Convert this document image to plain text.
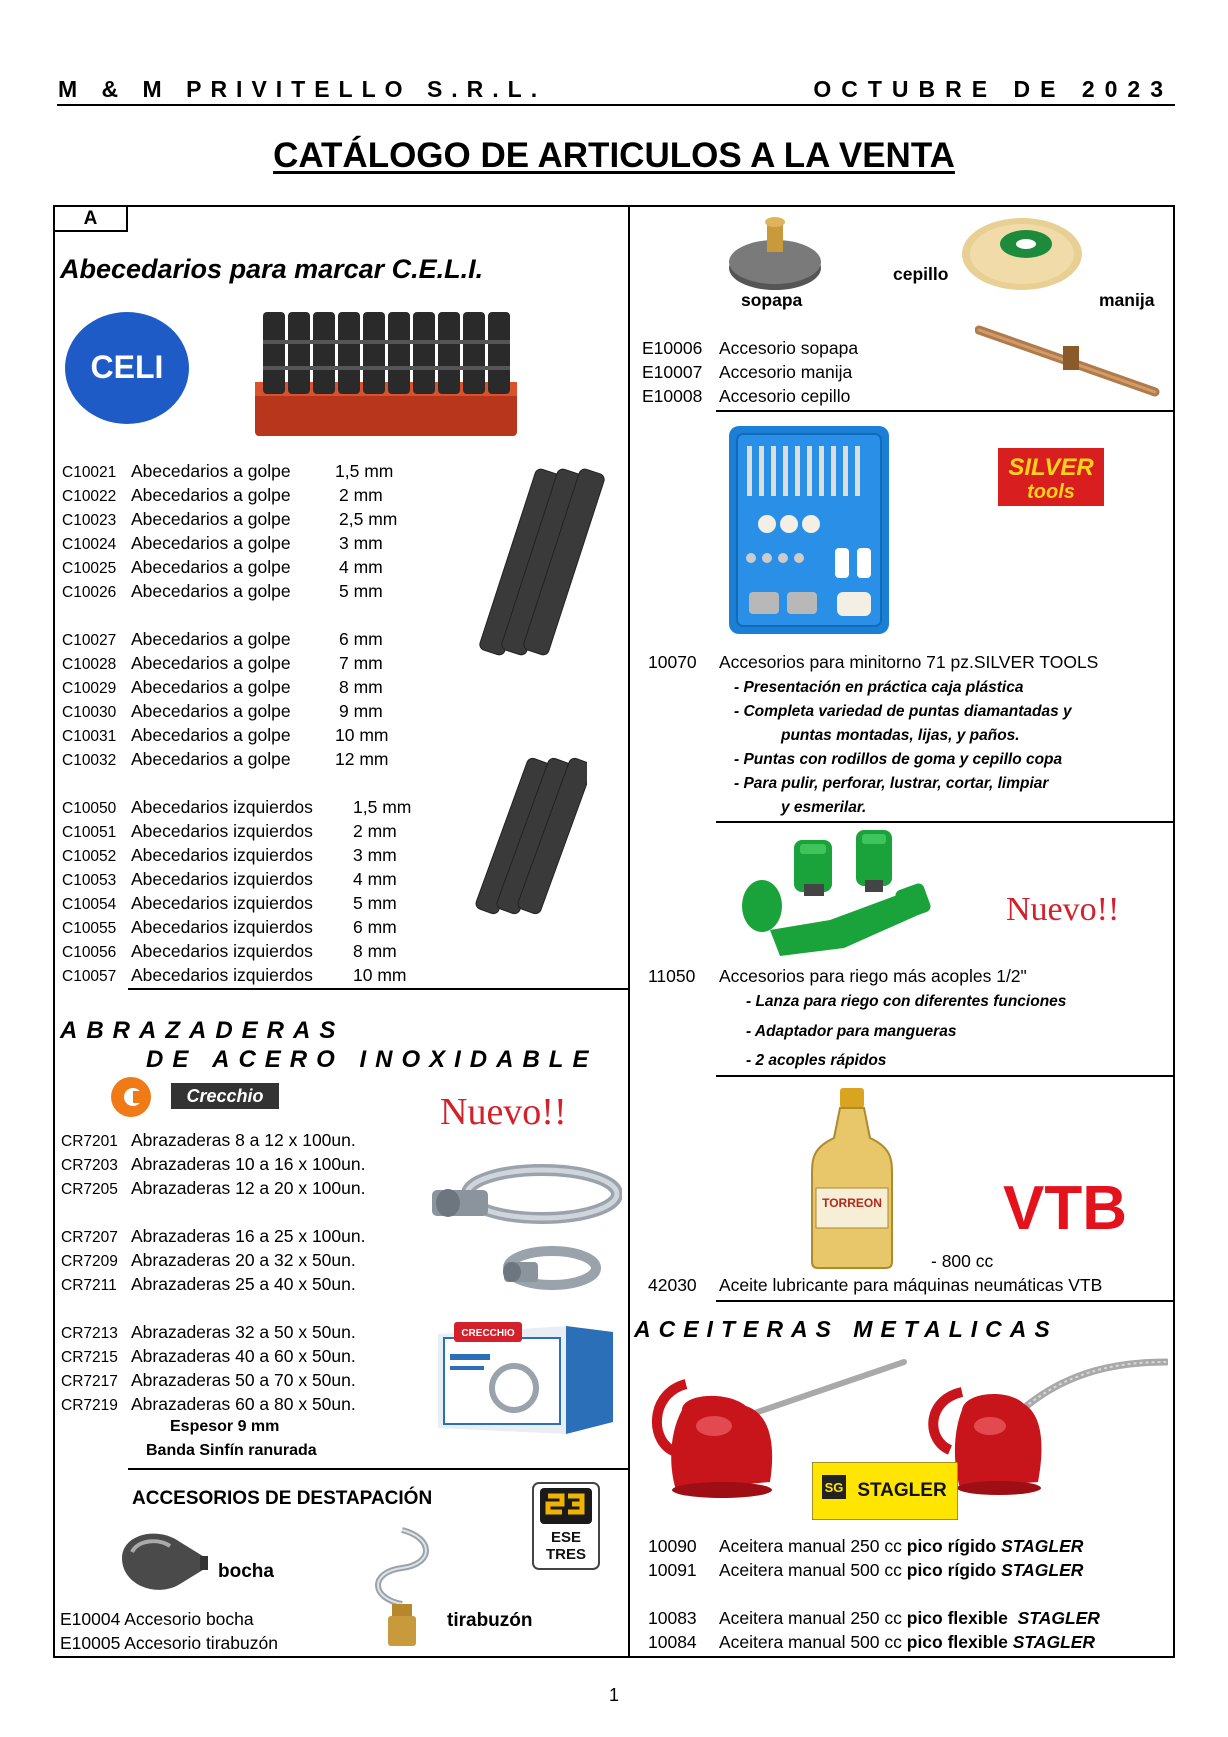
M & M PRIVITELLO S.R.L.	OCTUBRE DE 2023
CATÁLOGO DE ARTICULOS A LA VENTA
A
Abecedarios para marcar C.E.L.I.
CELI
C10021 Abecedarios a golpe	1,5 mm
C10022 Abecedarios a golpe	2 mm
C10023 Abecedarios a golpe	2,5 mm
C10024 Abecedarios a golpe	3 mm
C10025 Abecedarios a golpe	4 mm
C10026 Abecedarios a golpe	5 mm
C10027 Abecedarios a golpe	6 mm
C10028 Abecedarios a golpe	7 mm
C10029 Abecedarios a golpe	8 mm
C10030 Abecedarios a golpe	9 mm
C10031 Abecedarios a golpe	10 mm
C10032 Abecedarios a golpe	12 mm
C10050 Abecedarios izquierdos 1,5 mm
C10051 Abecedarios izquierdos 2 mm
C10052 Abecedarios izquierdos 3 mm
C10053 Abecedarios izquierdos 4 mm
C10054 Abecedarios izquierdos 5 mm
C10055 Abecedarios izquierdos 6 mm
C10056 Abecedarios izquierdos 8 mm
C10057 Abecedarios izquierdos 10 mm
ABRAZADERAS
DE ACERO INOXIDABLE
Crecchio	Nuevo!!
CR7201 Abrazaderas 8 a 12 x 100un.
CR7203 Abrazaderas 10 a 16 x 100un.
CR7205 Abrazaderas 12 a 20 x 100un.
CR7207 Abrazaderas 16 a 25 x 100un.
CR7209 Abrazaderas 20 a 32 x 50un.
CR7211 Abrazaderas 25 a 40 x 50un.
CR7213 Abrazaderas 32 a 50 x 50un.
CR7215 Abrazaderas 40 a 60 x 50un.
CR7217 Abrazaderas 50 a 70 x 50un.
CR7219 Abrazaderas 60 a 80 x 50un.
CRECCHIO
Espesor 9 mm
Banda Sinfín ranurada
ACCESORIOS DE DESTAPACIÓN
ESE
TRES
bocha
tirabuzón
E10004 Accesorio bocha
E10005 Accesorio tirabuzón
sopapa
cepillo
manija
E10006 Accesorio sopapa
E10007 Accesorio manija
E10008 Accesorio cepillo
SILVER
tools
10070 Accesorios para minitorno 71 pz.SILVER TOOLS
- Presentación en práctica caja plástica
- Completa variedad de puntas diamantadas y
puntas montadas, lijas, y paños.
- Puntas con rodillos de goma y cepillo copa
- Para pulir, perforar, lustrar, cortar, limpiar
y esmerilar.
Nuevo!!
11050 Accesorios para riego más acoples 1/2"
- Lanza para riego con diferentes funciones
- Adaptador para mangueras
- 2 acoples rápidos
TORREON VTB
- 800 cc
42030 Aceite lubricante para máquinas neumáticas VTB
ACEITERAS METALICAS
SG STAGLER
10090 Aceitera manual 250 cc pico rígido STAGLER
10091 Aceitera manual 500 cc pico rígido STAGLER
10083 Aceitera manual 250 cc pico flexible  STAGLER
10084 Aceitera manual 500 cc pico flexible STAGLER
1
